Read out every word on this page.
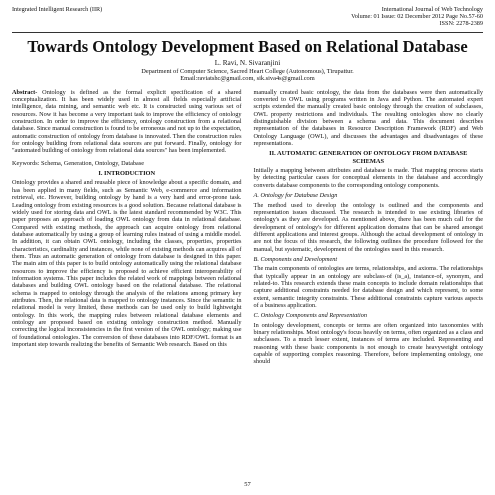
Integrated Intelligent Research (IIR)	International Journal of Web Technology
Volume: 01 Issue: 02 December 2012 Page No.57-60
ISSN: 2278-2389
Towards Ontology Development Based on Relational Database
L. Ravi, N. Sivaranjini
Department of Computer Science, Sacred Heart College (Autonomous), Tirupattur.
Email:raviatshc@gmail.com, sik.siva4s@gmail.com

Abstract- Ontology is defined as the formal explicit specification of a shared conceptualization. It has been widely used in almost all fields especially artificial intelligence, data mining, and semantic web etc. It is constructed using various set of resources. Now it has become a very important task to improve the efficiency of ontology construction. In order to improve the efficiency, ontology construction from a relational database. Since manual construction is found to be erroneous and not up to the expectation, automatic construction of ontology from database is innovated. Then the construction rules for ontology building from relational data sources are put forward. Finally, ontology for "automated building of ontology from relational data sources" has been implemented.

Keywords: Schema, Generation, Ontology, Database

I. INTRODUCTION

Ontology provides a shared and reusable piece of knowledge about a specific domain, and has been applied in many fields, such as Semantic Web, e-commerce and information retrieval, etc. However, building ontology by hand is a very hard and error-prone task. Leading ontology from existing resources is a good solution. Because relational database is widely used for storing data and OWL is the latest standard recommended by W3C. This paper proposes an approach of loading OWL ontology from data in relational database. Compared with existing methods, the approach can acquire ontology from relational database automatically by using a group of learning rules instead of using a middle model. In addition, it can obtain OWL ontology, including the classes, properties, properties characteristics, cardinality and instances, while none of existing methods can acquires all of them. Thus an automatic generation of ontology from database is designed in this paper. The main aim of this paper is to build ontology automatically using the relational database resources to improve the efficiency is proposed to achieve efficient interoperability of information systems. This paper includes the related work of mappings between relational databases and building OWL ontology based on the relational database. The relational schema is mapped to ontology through the analysis of the relations among primary key attributes. Then, the relational data is mapped to ontology instances. Since the semantic in relational model is very limited, these methods can be used only to build lightweight ontology. In this work, the mapping rules between relational database elements and ontology are proposed based on existing ontology construction method. Manually correcting the logical inconsistencies in the first version of the OWL ontology; making use of foundational ontologies. The conversion of these databases into RDF/OWL format is an important step towards realizing the benefits of Semantic Web research. Based on this

manually created basic ontology, the data from the databases were then automatically converted to OWL using programs written in Java and Python. The automated expert scripts extended the manually created basic ontology through the creation of subclasses, OWL property restrictions and individuals. The resulting ontologies show no clearly distinguishable division between a schema and data. This document describes representation of the databases in Resource Description Framework (RDF) and Web Ontology Language (OWL), and discusses the advantages and disadvantages of these representations.

II. AUTOMATIC GENERATION OF ONTOLOGY FROM DATABASE SCHEMAS

Initially a mapping between attributes and database is made. That mapping process starts by detecting particular cases for conceptual elements in the database and accordingly converts database components to the corresponding ontology components.

A. Ontology for Database Design

The method used to develop the ontology is outlined and the components and representation issues discussed. The research is intended to use existing libraries of ontology's as they are developed. As mentioned above, there has been much call for the development of ontology's for different application domains that can be shared amongst different applications and interest groups. Although the actual development of ontology in are not the focus of this research, the following outlines the procedure followed for the manual, but systematic, development of the ontologies used in this research.

B. Components and Development

The main components of ontologies are terms, relationships, and axioms. The relationships that typically appear in an ontology are subclass-of (is_a), instance-of, synonym, and related-to. This research extends these main concepts to include domain relationships that capture additional constraints needed for database design and which represent, to some extent, semantic integrity constraints. These additional constraints capture various aspects of a business application.

C. Ontology Components and Representation

In ontology development, concepts or terms are often organized into taxonomies with binary relationships. Most ontology's focus heavily on terms, often organized as a class and subclasses. To a much lesser extent, instances of terms are included. Representing and reasoning with these basic components is not enough to create heavyweight ontology capable of supporting complex reasoning. Therefore, before implementing ontology, one should

57
